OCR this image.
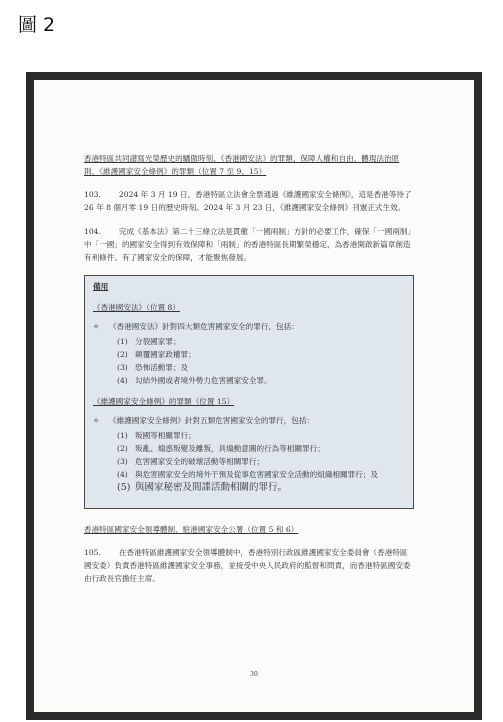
圖 2

香港特區共同譜寫光榮歷史的驕傲時刻、《香港國安法》的罪類、保障人權和自由、體現法治原則、《維護國家安全條例》的罪類（位置 7 至 9、15）

103. 2024 年 3 月 19 日，香港特區立法會全票通過《維護國家安全條例》，這是香港等待了 26 年 8 個月零 19 日的歷史時刻。2024 年 3 月 23 日，《維護國家安全條例》刊憲正式生效。

104. 完成《基本法》第二十三條立法是貫徹「一國兩制」方針的必要工作，確保「一國兩制」中「一國」的國家安全得到有效保障和「兩制」的香港特區長期繁榮穩定，為香港開啟新篇章創造有利條件。有了國家安全的保障，才能聚焦發展。

備用

《香港國安法》（位置 8）

✧	《香港國安法》針對四大類危害國家安全的罪行，包括：
(1) 分裂國家罪；
(2) 顛覆國家政權罪；
(3) 恐怖活動罪；及
(4) 勾結外國或者境外勢力危害國家安全罪。

《維護國家安全條例》的罪類（位置 15）

✧	《維護國家安全條例》針對五類危害國家安全的罪行，包括：
(1) 叛國等相關罪行；
(2) 叛亂、煽惑叛變及離叛，具煽動意圖的行為等相關罪行；
(3) 危害國家安全的破壞活動等相關罪行；
(4) 與危害國家安全的境外干預及從事危害國家安全活動的組織相關罪行；及
(5) 與國家秘密及間諜活動相關的罪行。

香港特區國家安全領導體制、駐港國家安全公署（位置 5 和 6）

105. 在香港特區維護國家安全領導體制中，香港特別行政區維護國家安全委員會（香港特區國安委）負責香港特區維護國家安全事務，並接受中央人民政府的監督和問責，而香港特區國安委由行政長官擔任主席。

30
